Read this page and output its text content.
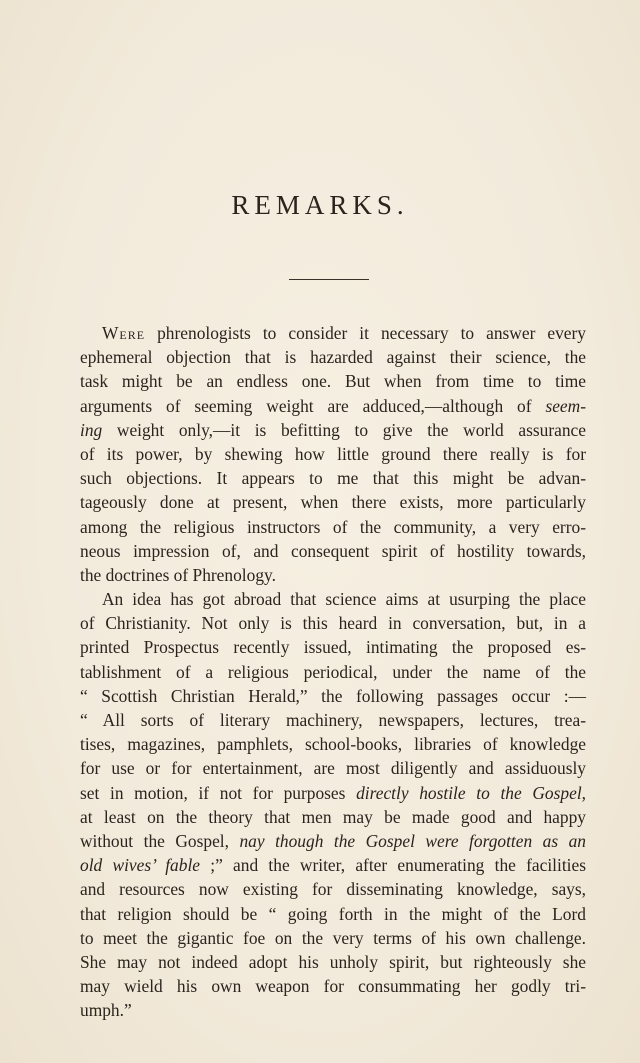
REMARKS.
Were phrenologists to consider it necessary to answer every
ephemeral objection that is hazarded against their science, the
task might be an endless one. But when from time to time
arguments of seeming weight are adduced,—although of seem-
ing weight only,—it is befitting to give the world assurance
of its power, by shewing how little ground there really is for
such objections. It appears to me that this might be advan-
tageously done at present, when there exists, more particularly
among the religious instructors of the community, a very erro-
neous impression of, and consequent spirit of hostility towards,
the doctrines of Phrenology.
An idea has got abroad that science aims at usurping the place
of Christianity. Not only is this heard in conversation, but, in a
printed Prospectus recently issued, intimating the proposed es-
tablishment of a religious periodical, under the name of the
“ Scottish Christian Herald,” the following passages occur :—
“ All sorts of literary machinery, newspapers, lectures, trea-
tises, magazines, pamphlets, school-books, libraries of knowledge
for use or for entertainment, are most diligently and assiduously
set in motion, if not for purposes directly hostile to the Gospel,
at least on the theory that men may be made good and happy
without the Gospel, nay though the Gospel were forgotten as an
old wives’ fable ;” and the writer, after enumerating the facilities
and resources now existing for disseminating knowledge, says,
that religion should be “ going forth in the might of the Lord
to meet the gigantic foe on the very terms of his own challenge.
She may not indeed adopt his unholy spirit, but righteously she
may wield his own weapon for consummating her godly tri-
umph.”
